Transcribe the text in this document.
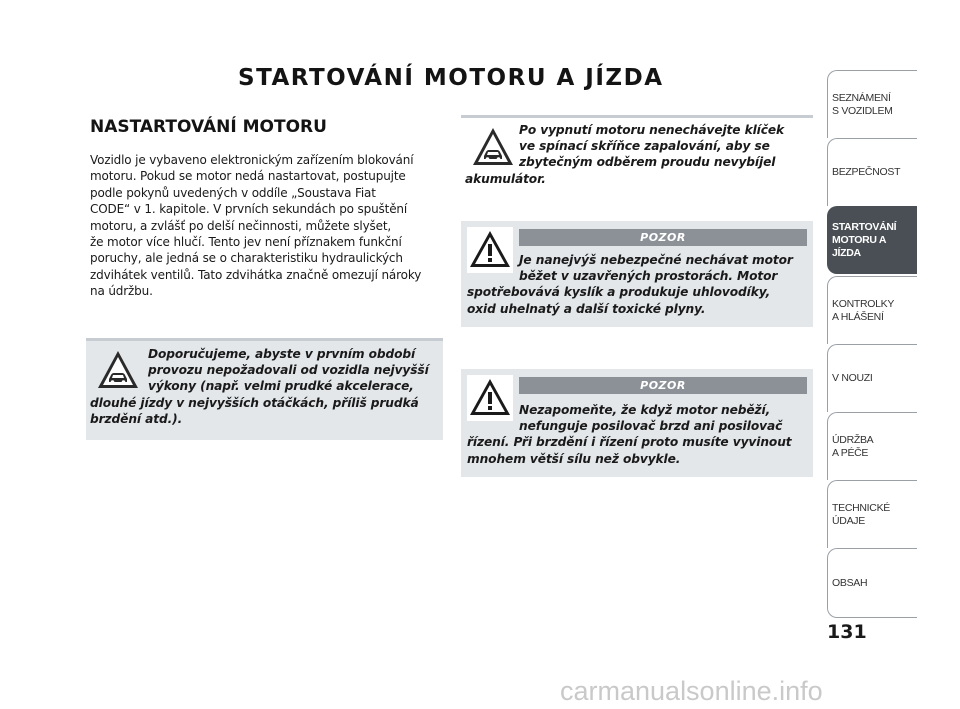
STARTOVÁNÍ MOTORU A JÍZDA
NASTARTOVÁNÍ MOTORU
Vozidlo je vybaveno elektronickým zařízením blokování
motoru. Pokud se motor nedá nastartovat, postupujte
podle pokynů uvedených v oddíle „Soustava Fiat
CODE“ v 1. kapitole. V prvních sekundách po spuštění
motoru, a zvlášť po delší nečinnosti, můžete slyšet,
že motor více hlučí. Tento jev není příznakem funkční
poruchy, ale jedná se o charakteristiku hydraulických
zdvihátek ventilů. Tato zdvihátka značně omezují nároky
na údržbu.
Doporučujeme, abyste v prvním období
provozu nepožadovali od vozidla nejvyšší
výkony (např. velmi prudké akcelerace,
dlouhé jízdy v nejvyšších otáčkách, příliš prudká
brzdění atd.).
Po vypnutí motoru nenechávejte klíček
ve spínací skříňce zapalování, aby se
zbytečným odběrem proudu nevybíjel
akumulátor.
POZOR
Je nanejvýš nebezpečné nechávat motor
běžet v uzavřených prostorách. Motor
spotřebovává kyslík a produkuje uhlovodíky,
oxid uhelnatý a další toxické plyny.
POZOR
Nezapomeňte, že když motor neběží,
nefunguje posilovač brzd ani posilovač
řízení. Při brzdění i řízení proto musíte vyvinout
mnohem větší sílu než obvykle.
SEZNÁMENÍ
S VOZIDLEM
BEZPEČNOST
STARTOVÁNÍ
MOTORU A JÍZDA
KONTROLKY
A HLÁŠENÍ
V NOUZI
ÚDRŽBA
A PÉČE
TECHNICKÉ
ÚDAJE
OBSAH
131
carmanualsonline.info
